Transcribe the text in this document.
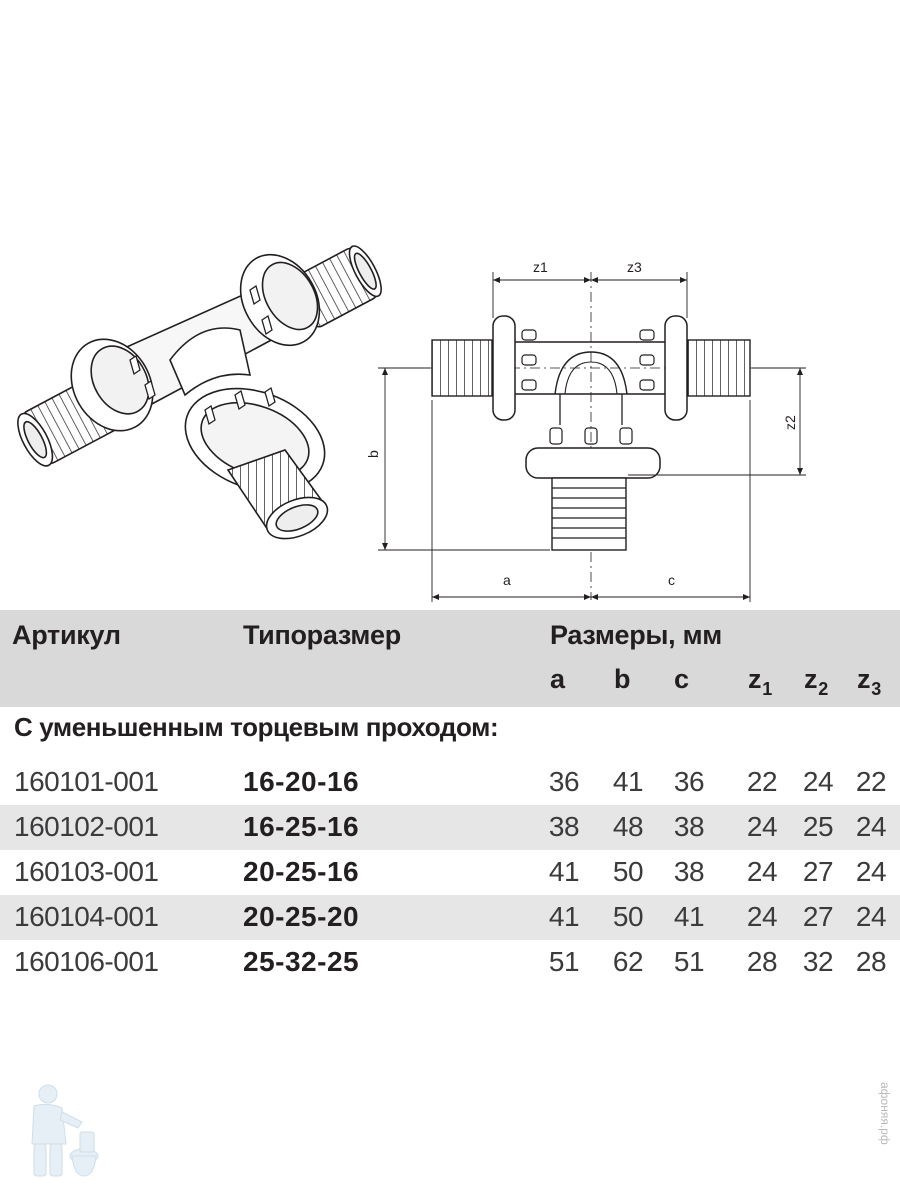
z1	z3
a	c
b
z2
Артикул	Типоразмер	Размеры, мм
a b c $z_1$ $z_2$ $z_3$
С уменьшенным торцевым проходом:
160101-001	16-20-16	36 41 36 22 24 22
160102-001	16-25-16	38 48 38 24 25 24
160103-001	20-25-16	41 50 38 24 27 24
160104-001	20-25-20	41 50 41 24 27 24
160106-001	25-32-25	51 62 51 28 32 28
афоняя.рф
